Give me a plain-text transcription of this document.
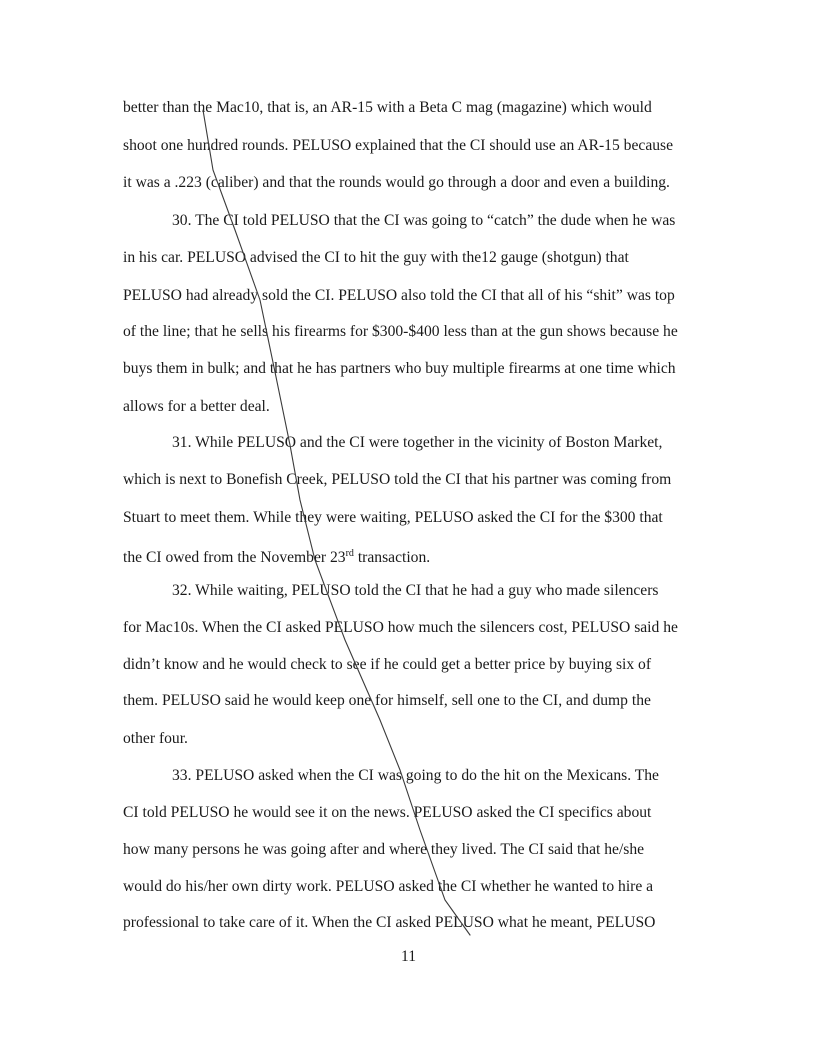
better than the Mac10, that is, an AR-15 with a Beta C mag (magazine) which would
shoot one hundred rounds. PELUSO explained that the CI should use an AR-15 because
it was a .223 (caliber) and that the rounds would go through a door and even a building.
30. The CI told PELUSO that the CI was going to “catch” the dude when he was
in his car. PELUSO advised the CI to hit the guy with the12 gauge (shotgun) that
PELUSO had already sold the CI. PELUSO also told the CI that all of his “shit” was top
of the line; that he sells his firearms for $300-$400 less than at the gun shows because he
buys them in bulk; and that he has partners who buy multiple firearms at one time which
allows for a better deal.
31. While PELUSO and the CI were together in the vicinity of Boston Market,
which is next to Bonefish Creek, PELUSO told the CI that his partner was coming from
Stuart to meet them. While they were waiting, PELUSO asked the CI for the $300 that
the CI owed from the November 23rd transaction.
32. While waiting, PELUSO told the CI that he had a guy who made silencers
for Mac10s. When the CI asked PELUSO how much the silencers cost, PELUSO said he
didn’t know and he would check to see if he could get a better price by buying six of
them. PELUSO said he would keep one for himself, sell one to the CI, and dump the
other four.
33. PELUSO asked when the CI was going to do the hit on the Mexicans. The
CI told PELUSO he would see it on the news. PELUSO asked the CI specifics about
how many persons he was going after and where they lived. The CI said that he/she
would do his/her own dirty work. PELUSO asked the CI whether he wanted to hire a
professional to take care of it. When the CI asked PELUSO what he meant, PELUSO
11
